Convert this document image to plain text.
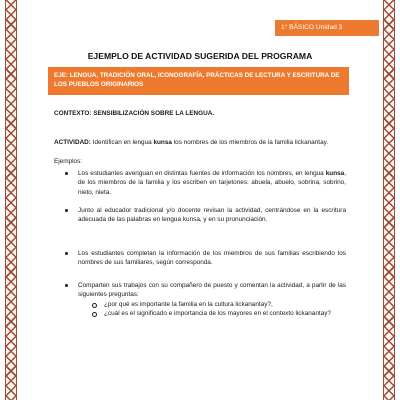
1° BÁSICO Unidad 3
EJEMPLO DE ACTIVIDAD SUGERIDA DEL PROGRAMA
EJE: LENGUA, TRADICIÓN ORAL, ICONOGRAFÍA, PRÁCTICAS DE LECTURA Y ESCRITURA DE LOS PUEBLOS ORIGINARIOS
CONTEXTO: SENSIBILIZACIÓN SOBRE LA LENGUA.
ACTIVIDAD: Identifican en lengua kunsa los nombres de los miembros de la familia lickanantay.
Ejemplos:
Los estudiantes averiguan en distintas fuentes de información los nombres, en lengua kunsa, de los miembros de la familia y los escriben en tarjetones: abuela, abuelo, sobrina, sobrino, nieto, nieta.
Junto al educador tradicional y/o docente revisan la actividad, centrándose en la escritura adecuada de las palabras en lengua kunsa, y en su pronunciación.
Los estudiantes completan la información de los miembros de sus familias escribiendo los nombres de sus familiares, según corresponda.
Comparten sus trabajos con su compañero de puesto y comentan la actividad, a partir de las siguientes preguntas:
¿por qué es importante la familia en la cultura lickanantay?,
¿cuál es el significado e importancia de los mayores en el contexto lickanantay?
